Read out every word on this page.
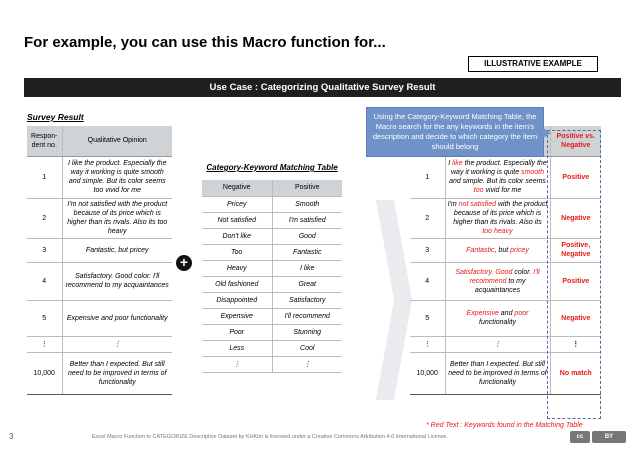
For example, you can use this Macro function for...
ILLUSTRATIVE EXAMPLE
Use Case : Categorizing Qualitative Survey Result
Survey Result
Respon-dent no.	Qualitative Opinion
1	I like the product. Especially the way it working is quite smooth and simple. But its color seems too vivid for me
2	I'm not satisfied with the product because of its price which is higher than its rivals. Also its too heavy
3	Fantastic, but pricey
4	Satisfactory. Good color. I'll recommend to my acquaintances
5	Expensive and poor functionality
⋮	⋮
10,000	Better than I expected. But still need to be improved in terms of functionality
Category-Keyword Matching Table
Negative	Positive
Pricey	Smooth
Not satisfied	I'm satisfied
Don't like	Good
Too	Fantastic
Heavy	I like
Old fashioned	Great
Disappointed	Satisfactory
Expensive	I'll recommend
Poor	Stunning
Less	Cool
⋮	⋮
+
		Positive vs. Negative
1	I like the product. Especially the way it working is quite smooth and simple. But its color seems too vivid for me	Positive
2	I'm not satisfied with the product because of its price which is higher than its rivals. Also its too heavy	Negative
3	Fantastic, but pricey	Positive, Negative
4	Satisfactory. Good color. I'll recommend to my acquaintances	Positive
5	Expensive and poor functionality	Negative
⋮	⋮	⋮
10,000	Better than I expected. But still need to be improved in terms of functionality	No match
Using the Category-Keyword Matching Table, the Macro search for the any keywords in the item's description and decide to which category the item should belong
* Red Text : Keywords found in the Matching Table
3	Excel Macro Function to CATEGORIZE Descriptive Dataset by KHKim is licensed under a Creative Commons Attribution 4.0 International License.	cc	BY
